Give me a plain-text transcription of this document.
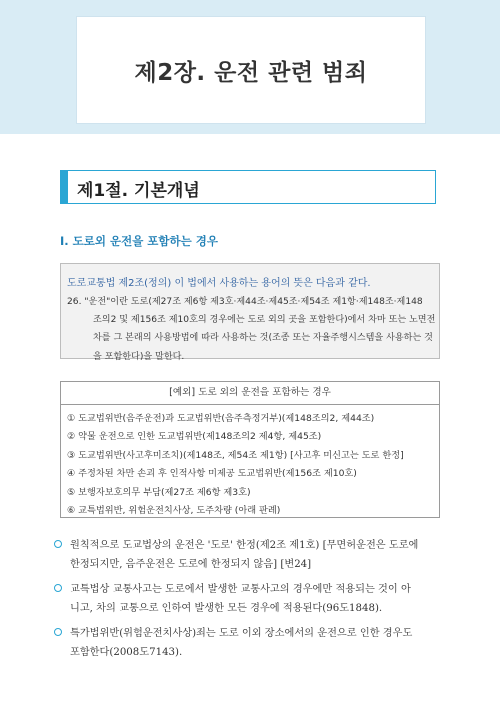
제2장. 운전 관련 범죄
제1절. 기본개념
I. 도로외 운전을 포함하는 경우
도로교통법 제2조(정의) 이 법에서 사용하는 용어의 뜻은 다음과 같다.
26. "운전"이란 도로(제27조 제6항 제3호·제44조·제45조·제54조 제1항·제148조·제148
조의2 및 제156조 제10호의 경우에는 도로 외의 곳을 포함한다)에서 차마 또는 노면전
차를 그 본래의 사용방법에 따라 사용하는 것(조종 또는 자율주행시스템을 사용하는 것
을 포함한다)을 말한다.
[예외] 도로 외의 운전을 포함하는 경우
① 도교법위반(음주운전)과 도교법위반(음주측정거부)(제148조의2, 제44조)
② 약물 운전으로 인한 도교법위반(제148조의2 제4항, 제45조)
③ 도교법위반(사고후미조치)(제148조, 제54조 제1항) [사고후 미신고는 도로 한정]
④ 주정차된 차만 손괴 후 인적사항 미제공 도교법위반(제156조 제10호)
⑤ 보행자보호의무 부담(제27조 제6항 제3호)
⑥ 교특법위반, 위험운전치사상, 도주차량 (아래 판례)
원칙적으로 도교법상의 운전은 '도로' 한정(제2조 제1호) [무면허운전은 도로에
한정되지만, 음주운전은 도로에 한정되지 않음] [변24]
교특법상 교통사고는 도로에서 발생한 교통사고의 경우에만 적용되는 것이 아
니고, 차의 교통으로 인하여 발생한 모든 경우에 적용된다(96도1848).
특가법위반(위험운전치사상)죄는 도로 이외 장소에서의 운전으로 인한 경우도
포함한다(2008도7143).
